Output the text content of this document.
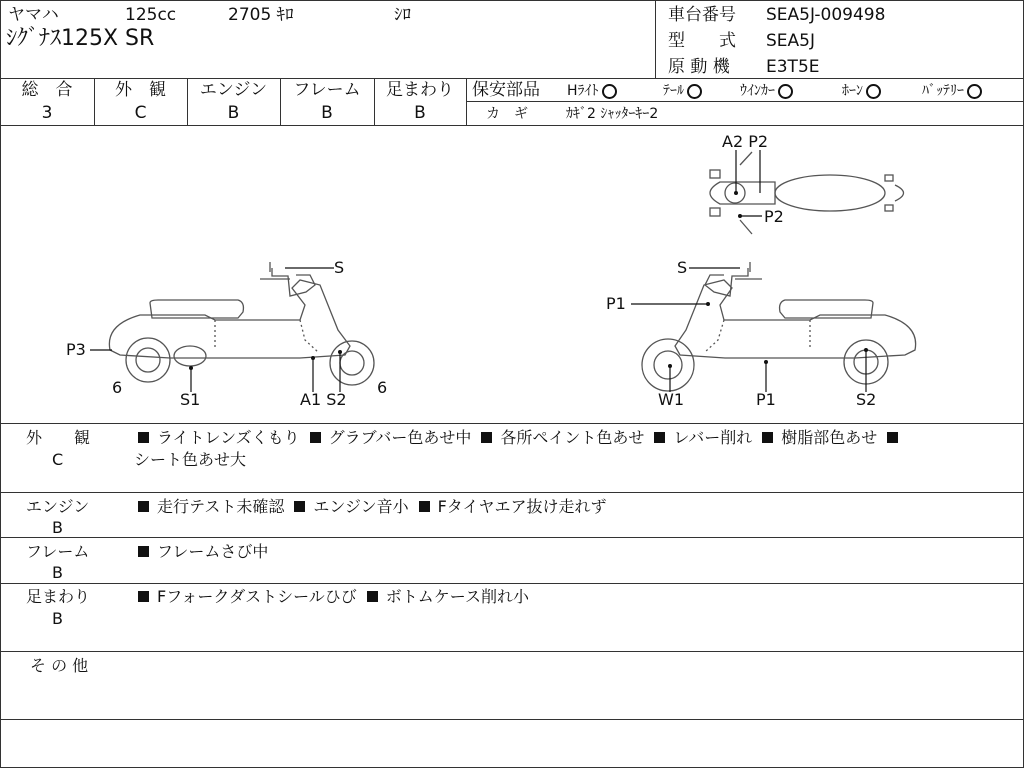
ヤマハ	125cc	2705 ｷﾛ	ｼﾛ
ｼｸﾞﾅｽ125X SR
車台番号 SEA5J-009498
型　　式 SEA5J
原 動 機 E3T5E
総　合
3
外　観
C
エンジン
B
フレーム
B
足まわり
B
保安部品 Hﾗｲﾄ	ﾃｰﾙ	ｳｲﾝｶｰ	ﾎｰﾝ	ﾊﾞｯﾃﾘｰ
カ　ギ	ｶｷﾞ2 ｼｬｯﾀｰｷｰ2
A2 P2
P2
S
P3
6
S1	A1 S2
6
S
P1
W1	P1	S2
外　　観
C
ライトレンズくもり グラブバー色あせ中 各所ペイント色あせ レバー削れ 樹脂部色あせ
シート色あせ大
エンジン
B
走行テスト未確認 エンジン音小 Fタイヤエア抜け走れず
フレーム
B
フレームさび中
足まわり
B
Fフォークダストシールひび ボトムケース削れ小
そ の 他
